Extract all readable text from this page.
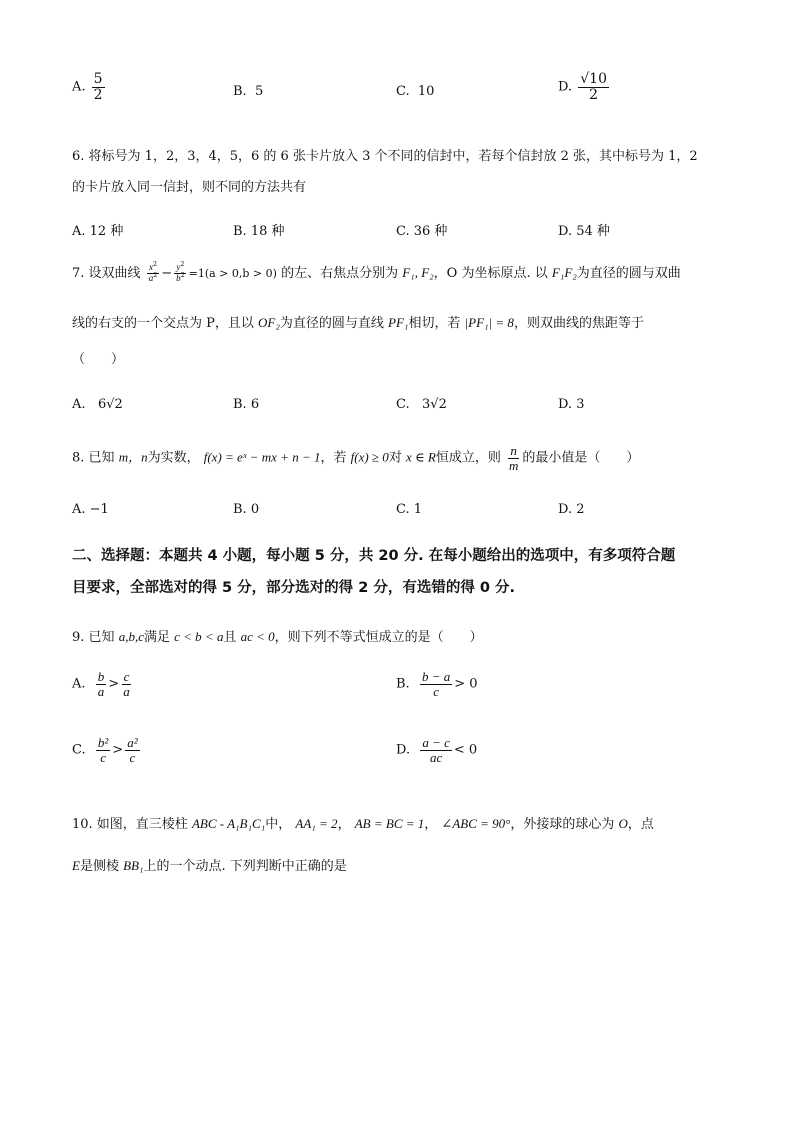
A. $\frac{5}{2}$	B. 5	C. 10	D. $\frac{√10}{2}$
6. 将标号为 1，2，3，4，5，6 的 6 张卡片放入 3 个不同的信封中，若每个信封放 2 张，其中标号为 1，2
的卡片放入同一信封，则不同的方法共有
A. 12 种	B. 18 种	C. 36 种	D. 54 种
7. 设双曲线 $\frac{x^2}{a^2} - \frac{y^2}{b^2} =1(a > 0,b > 0)$ 的左、右焦点分别为 F₁, F₂，O 为坐标原点. 以 F₁F₂为直径的圆与双曲
线的右支的一个交点为 P，且以 OF₂为直径的圆与直线 PF₁相切，若 |PF₁| = 8，则双曲线的焦距等于
（　　）
A. 6√2	B. 6	C. 3√2	D. 3
8. 已知 m，n为实数， f(x) = eˣ − mx + n − 1，若 f(x) ≥ 0对 x ∈ R恒成立，则 $\frac{n}{m}$ 的最小值是（　　）
A. −1	B. 0	C. 1	D. 2
二、选择题：本题共 4 小题，每小题 5 分，共 20 分. 在每小题给出的选项中，有多项符合题
目要求，全部选对的得 5 分，部分选对的得 2 分，有选错的得 0 分.
9. 已知 a,b,c满足 c < b < a且 ac < 0，则下列不等式恒成立的是（　　）
A. $\frac{b}{a} > \frac{c}{a}$	B. $\frac{b - a}{c} > 0$
C. $\frac{\text{b²}}{c} > \frac{\text{a²}}{c}$	D. $\frac{a - c}{ac} < 0$
10. 如图，直三棱柱 ABC - A₁B₁C₁中， AA₁ = 2， AB = BC = 1， ∠ABC = 90°，外接球的球心为 O，点
E是侧棱 BB₁上的一个动点. 下列判断中正确的是
